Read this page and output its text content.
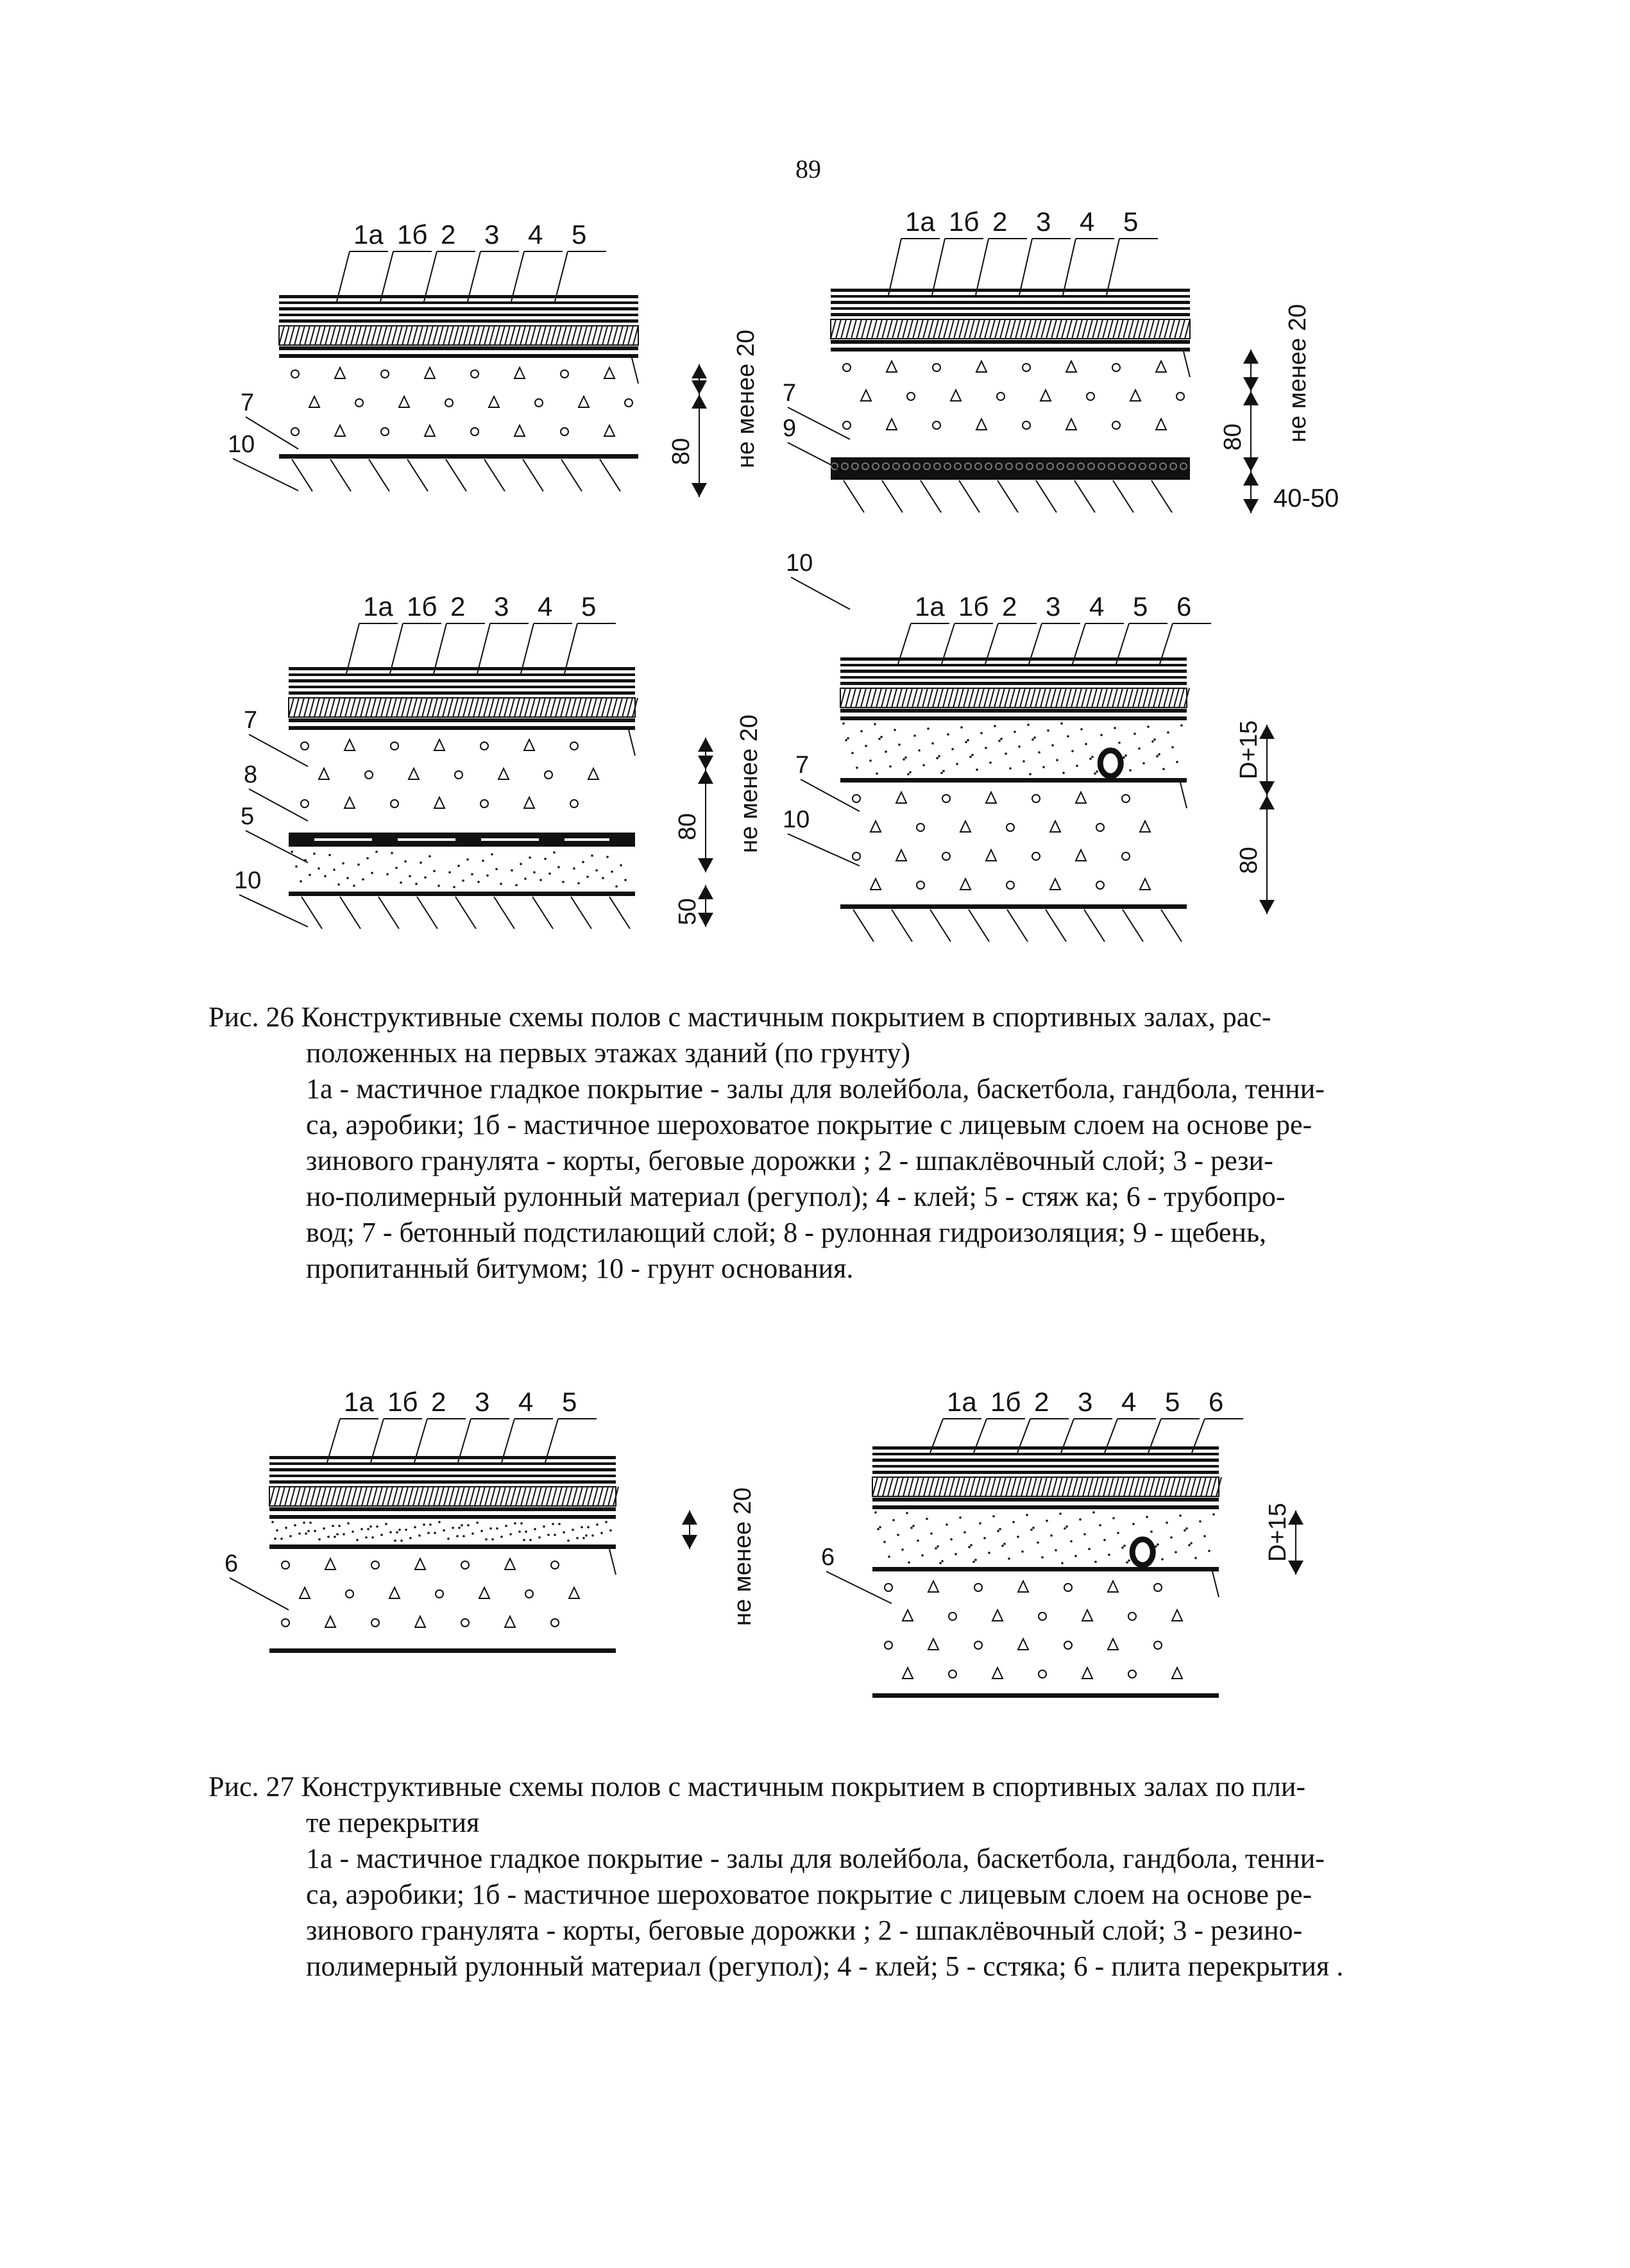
89
1а 1б 2 3 4 5
7
10	80 не менее 20
1а 1б 2 3 4 5
7
9
10
80 не менее 20
40-50
1а 1б 2 3 4 5
7
8
5
10
80
50
не менее 20
1а 1б 2 3 4 5 6
7
10
D+15
80
1а 1б 2 3 4 5
6	не менее 20
1а 1б 2 3 4 5 6
6	D+15
Рис. 26 Конструктивные схемы полов с мастичным покрытием в спортивных залах, рас-
положенных на первых этажах зданий (по грунту)
1а - мастичное гладкое покрытие - залы для волейбола, баскетбола, гандбола, тенни-
са, аэробики; 1б - мастичное шероховатое покрытие с лицевым слоем на основе ре-
зинового гранулята - корты, беговые дорожки ; 2 - шпаклёвочный слой; 3 - рези-
но-полимерный рулонный материал (регупол); 4 - клей; 5 - стяж ка; 6 - трубопро-
вод; 7 - бетонный подстилающий слой; 8 - рулонная гидроизоляция; 9 - щебень,
пропитанный битумом; 10 - грунт основания.
Рис. 27 Конструктивные схемы полов с мастичным покрытием в спортивных залах по пли-
те перекрытия
1а - мастичное гладкое покрытие - залы для волейбола, баскетбола, гандбола, тенни-
са, аэробики; 1б - мастичное шероховатое покрытие с лицевым слоем на основе ре-
зинового гранулята - корты, беговые дорожки ; 2 - шпаклёвочный слой; 3 - резино-
полимерный рулонный материал (регупол); 4 - клей; 5 - сстяка; 6 - плита перекрытия .
